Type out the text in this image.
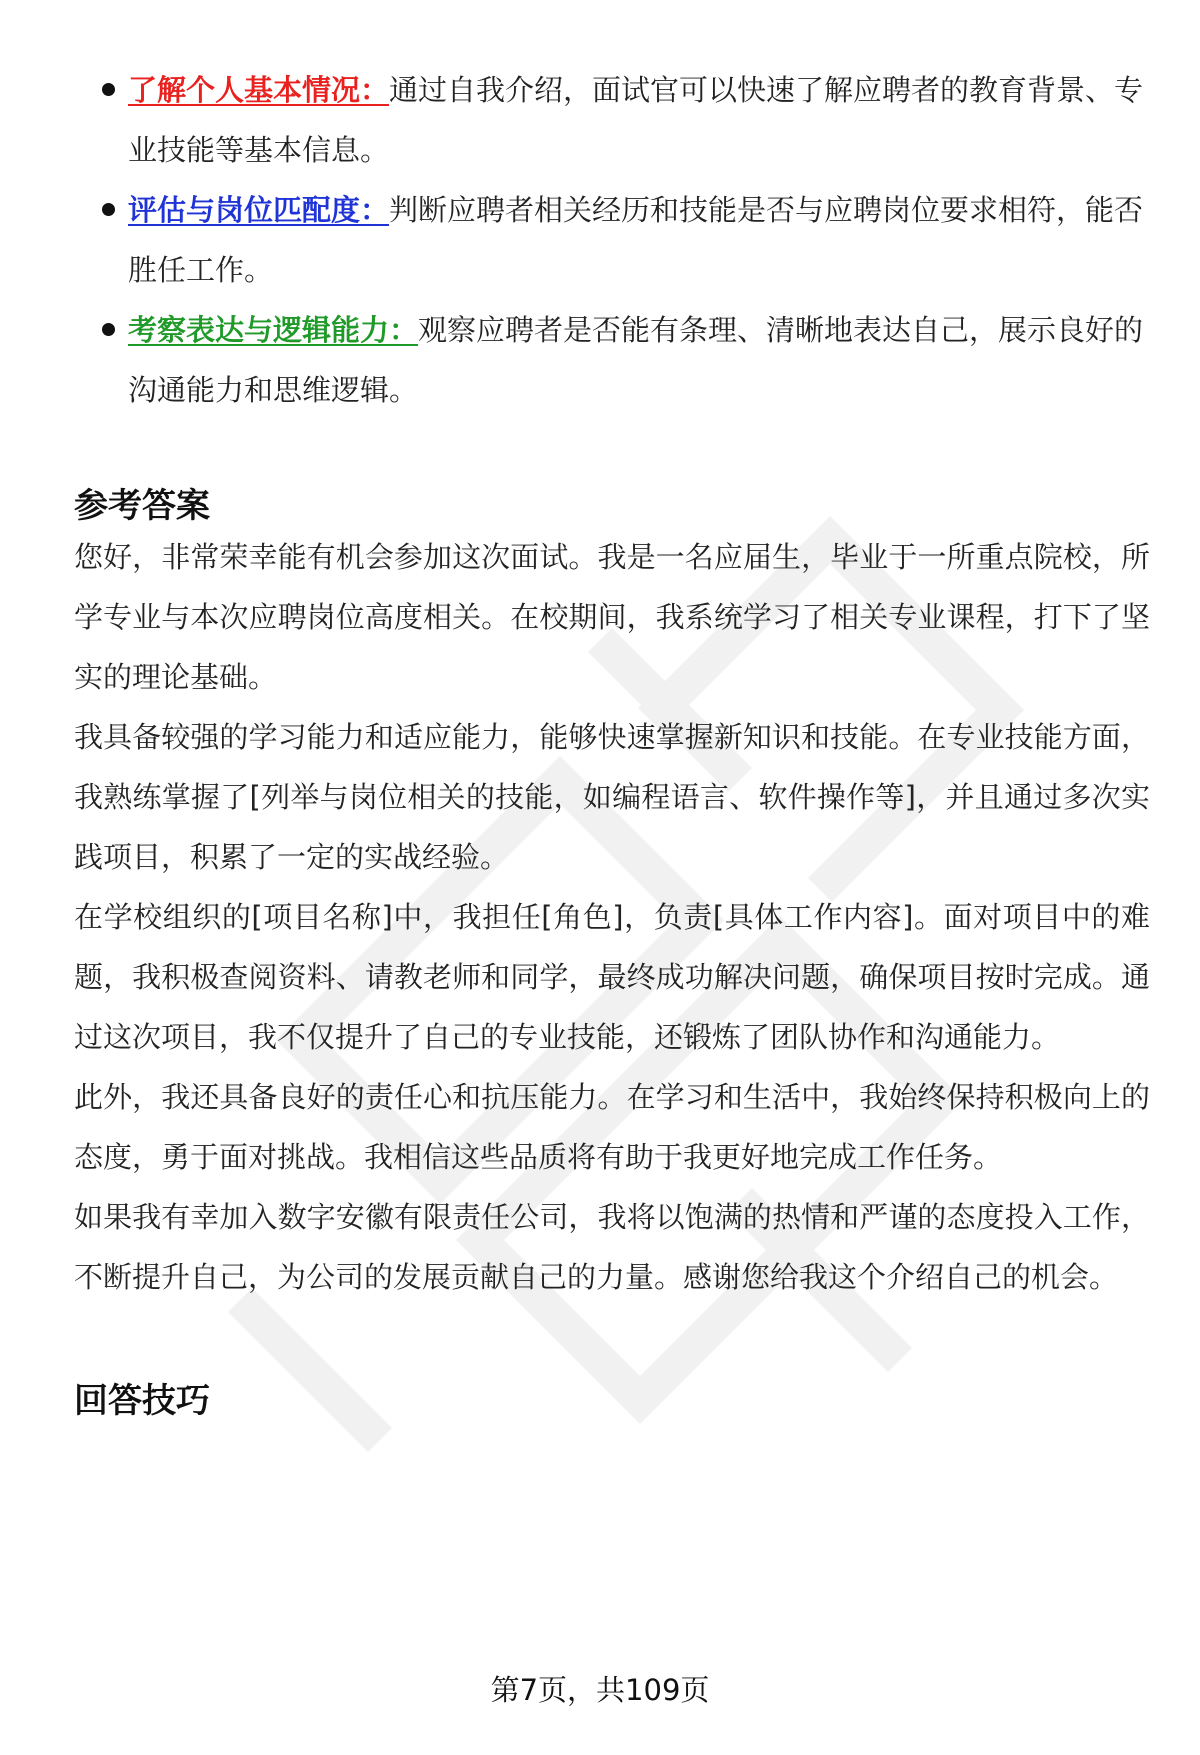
了解个人基本情况：通过自我介绍，面试官可以快速了解应聘者的教育背景、专业技能等基本信息。
评估与岗位匹配度：判断应聘者相关经历和技能是否与应聘岗位要求相符，能否胜任工作。
考察表达与逻辑能力：观察应聘者是否能有条理、清晰地表达自己，展示良好的沟通能力和思维逻辑。
参考答案

您好，非常荣幸能有机会参加这次面试。我是一名应届生，毕业于一所重点院校，所学专业与本次应聘岗位高度相关。在校期间，我系统学习了相关专业课程，打下了坚实的理论基础。

我具备较强的学习能力和适应能力，能够快速掌握新知识和技能。在专业技能方面，我熟练掌握了[列举与岗位相关的技能，如编程语言、软件操作等]，并且通过多次实践项目，积累了一定的实战经验。

在学校组织的[项目名称]中，我担任[角色]，负责[具体工作内容]。面对项目中的难题，我积极查阅资料、请教老师和同学，最终成功解决问题，确保项目按时完成。通过这次项目，我不仅提升了自己的专业技能，还锻炼了团队协作和沟通能力。

此外，我还具备良好的责任心和抗压能力。在学习和生活中，我始终保持积极向上的态度，勇于面对挑战。我相信这些品质将有助于我更好地完成工作任务。

如果我有幸加入数字安徽有限责任公司，我将以饱满的热情和严谨的态度投入工作，不断提升自己，为公司的发展贡献自己的力量。感谢您给我这个介绍自己的机会。

回答技巧
第7页，共109页
